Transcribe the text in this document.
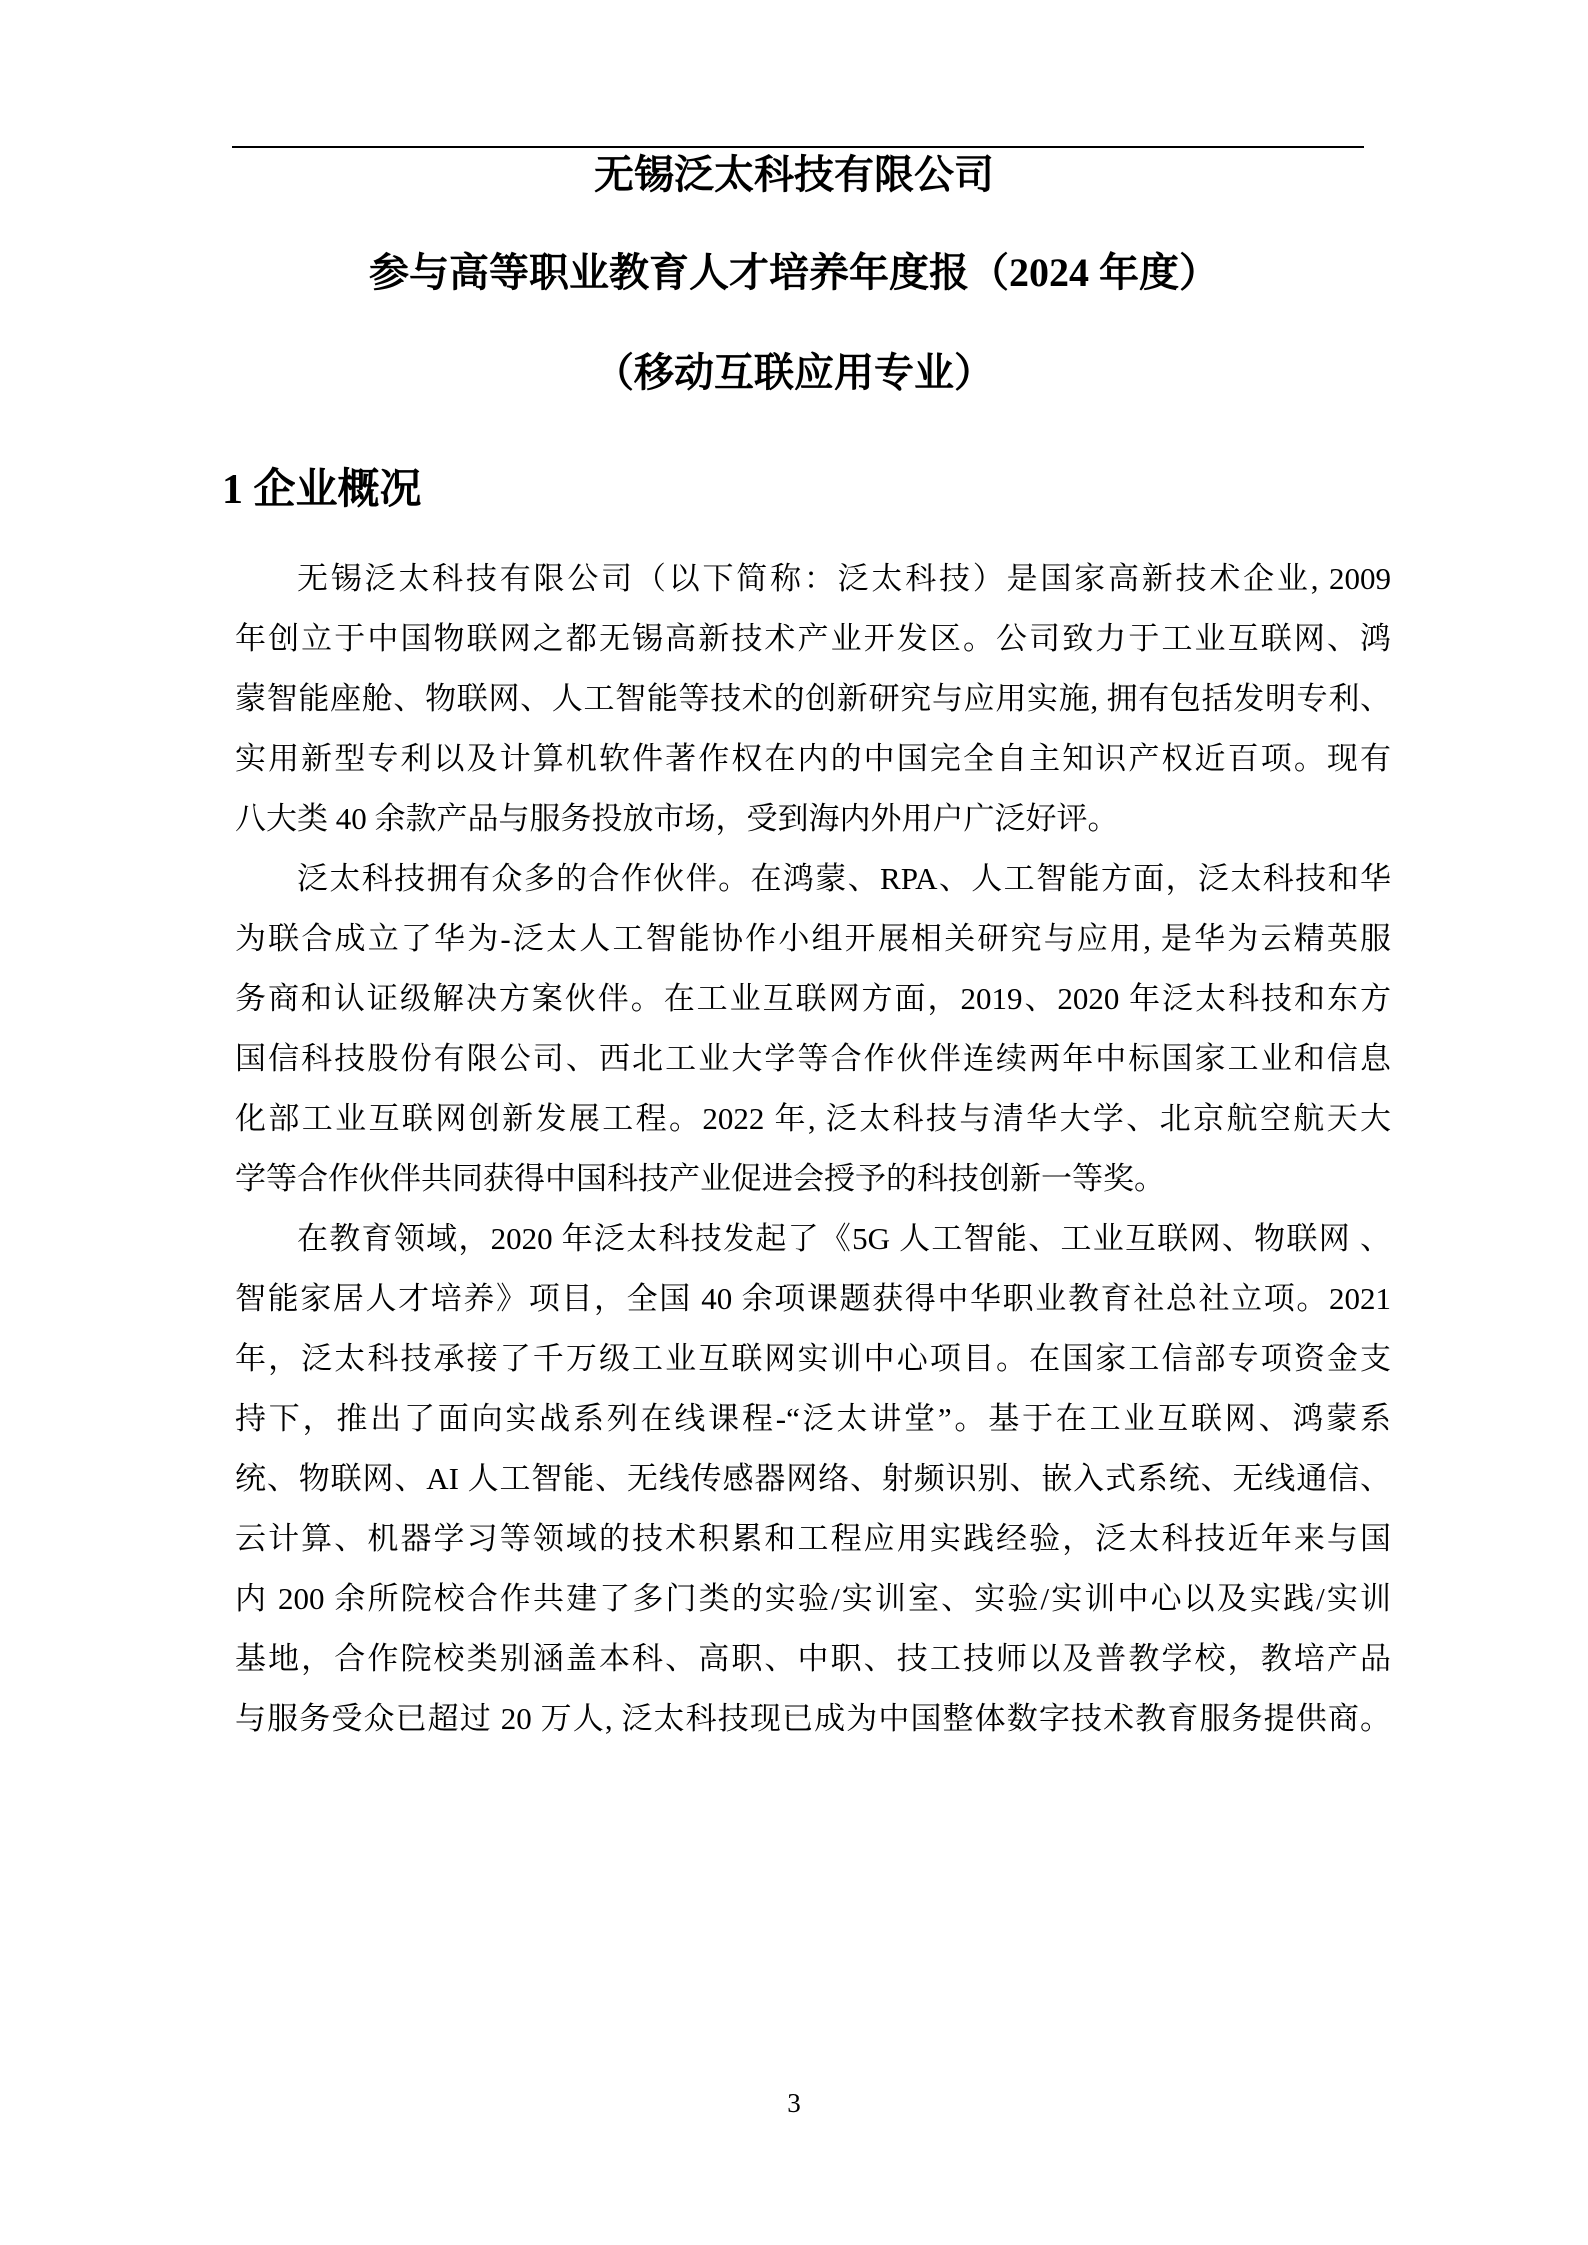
无锡泛太科技有限公司
参与高等职业教育人才培养年度报（2024 年度）
（移动互联应用专业）
1 企业概况
无锡泛太科技有限公司（以下简称：泛太科技）是国家高新技术企业, 2009
年创立于中国物联网之都无锡高新技术产业开发区。公司致力于工业互联网、鸿
蒙智能座舱、物联网、人工智能等技术的创新研究与应用实施, 拥有包括发明专利、
实用新型专利以及计算机软件著作权在内的中国完全自主知识产权近百项。现有
八大类 40 余款产品与服务投放市场，受到海内外用户广泛好评。
泛太科技拥有众多的合作伙伴。在鸿蒙、RPA、人工智能方面，泛太科技和华
为联合成立了华为-泛太人工智能协作小组开展相关研究与应用, 是华为云精英服
务商和认证级解决方案伙伴。在工业互联网方面，2019、2020 年泛太科技和东方
国信科技股份有限公司、西北工业大学等合作伙伴连续两年中标国家工业和信息
化部工业互联网创新发展工程。2022 年, 泛太科技与清华大学、北京航空航天大
学等合作伙伴共同获得中国科技产业促进会授予的科技创新一等奖。
在教育领域，2020 年泛太科技发起了《5G 人工智能、工业互联网、物联网 、
智能家居人才培养》项目，全国 40 余项课题获得中华职业教育社总社立项。2021
年，泛太科技承接了千万级工业互联网实训中心项目。在国家工信部专项资金支
持下，推出了面向实战系列在线课程-“泛太讲堂”。基于在工业互联网、鸿蒙系
统、物联网、AI 人工智能、无线传感器网络、射频识别、嵌入式系统、无线通信、
云计算、机器学习等领域的技术积累和工程应用实践经验，泛太科技近年来与国
内 200 余所院校合作共建了多门类的实验/实训室、实验/实训中心以及实践/实训
基地，合作院校类别涵盖本科、高职、中职、技工技师以及普教学校，教培产品
与服务受众已超过 20 万人, 泛太科技现已成为中国整体数字技术教育服务提供商。
3
